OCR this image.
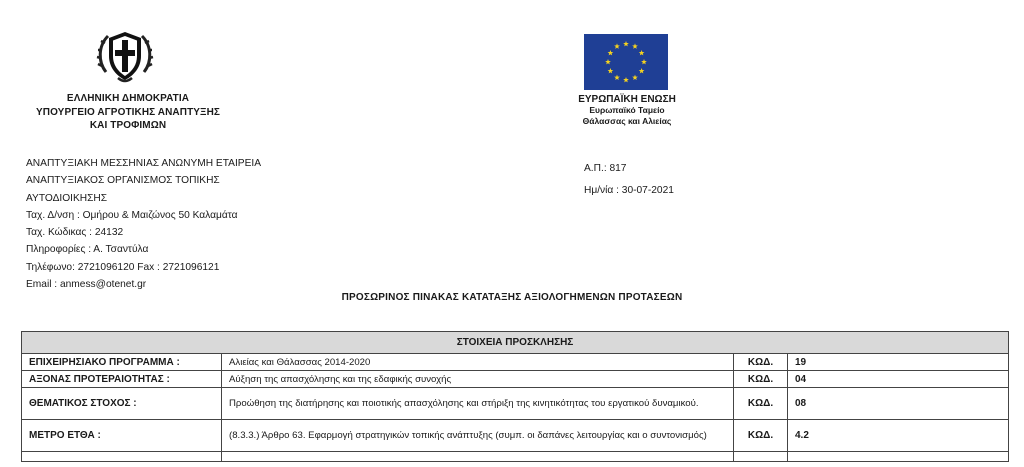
ΕΛΛΗΝΙΚΗ ΔΗΜΟΚΡΑΤΙΑ
ΥΠΟΥΡΓΕΙΟ ΑΓΡΟΤΙΚΗΣ ΑΝΑΠΤΥΞΗΣ
ΚΑΙ ΤΡΟΦΙΜΩΝ
ΕΥΡΩΠΑΪΚΗ ΕΝΩΣΗ
Ευρωπαϊκό Ταμείο
Θάλασσας και Αλιείας
ΑΝΑΠΤΥΞΙΑΚΗ ΜΕΣΣΗΝΙΑΣ ΑΝΩΝΥΜΗ ΕΤΑΙΡΕΙΑ
ΑΝΑΠΤΥΞΙΑΚΟΣ ΟΡΓΑΝΙΣΜΟΣ ΤΟΠΙΚΗΣ
ΑΥΤΟΔΙΟΙΚΗΣΗΣ
Ταχ. Δ/νση : Ομήρου & Μαιζώνος 50 Καλαμάτα
Ταχ. Κώδικας : 24132
Πληροφορίες : Α. Τσαντύλα
Τηλέφωνο: 2721096120 Fax : 2721096121
Email : anmess@otenet.gr
Α.Π.: 817
Ημ/νία : 30-07-2021
ΠΡΟΣΩΡΙΝΟΣ ΠΙΝΑΚΑΣ ΚΑΤΑΤΑΞΗΣ ΑΞΙΟΛΟΓΗΜΕΝΩΝ ΠΡΟΤΑΣΕΩΝ
ΣΤΟΙΧΕΙΑ ΠΡΟΣΚΛΗΣΗΣ			
ΕΠΙΧΕΙΡΗΣΙΑΚΟ ΠΡΟΓΡΑΜΜΑ :	Αλιείας και Θάλασσας 2014-2020	ΚΩΔ.	19
ΑΞΟΝΑΣ ΠΡΟΤΕΡΑΙΟΤΗΤΑΣ :	Αύξηση της απασχόλησης και της εδαφικής συνοχής	ΚΩΔ.	04
ΘΕΜΑΤΙΚΟΣ ΣΤΟΧΟΣ :	Προώθηση της διατήρησης και ποιοτικής απασχόλησης και στήριξη της κινητικότητας του εργατικού δυναμικού.	ΚΩΔ.	08
ΜΕΤΡΟ ΕΤΘΑ :	(8.3.3.) Άρθρο 63. Εφαρμογή στρατηγικών τοπικής ανάπτυξης (συμπ. οι δαπάνες λειτουργίας και ο συντονισμός)	ΚΩΔ.	4.2
